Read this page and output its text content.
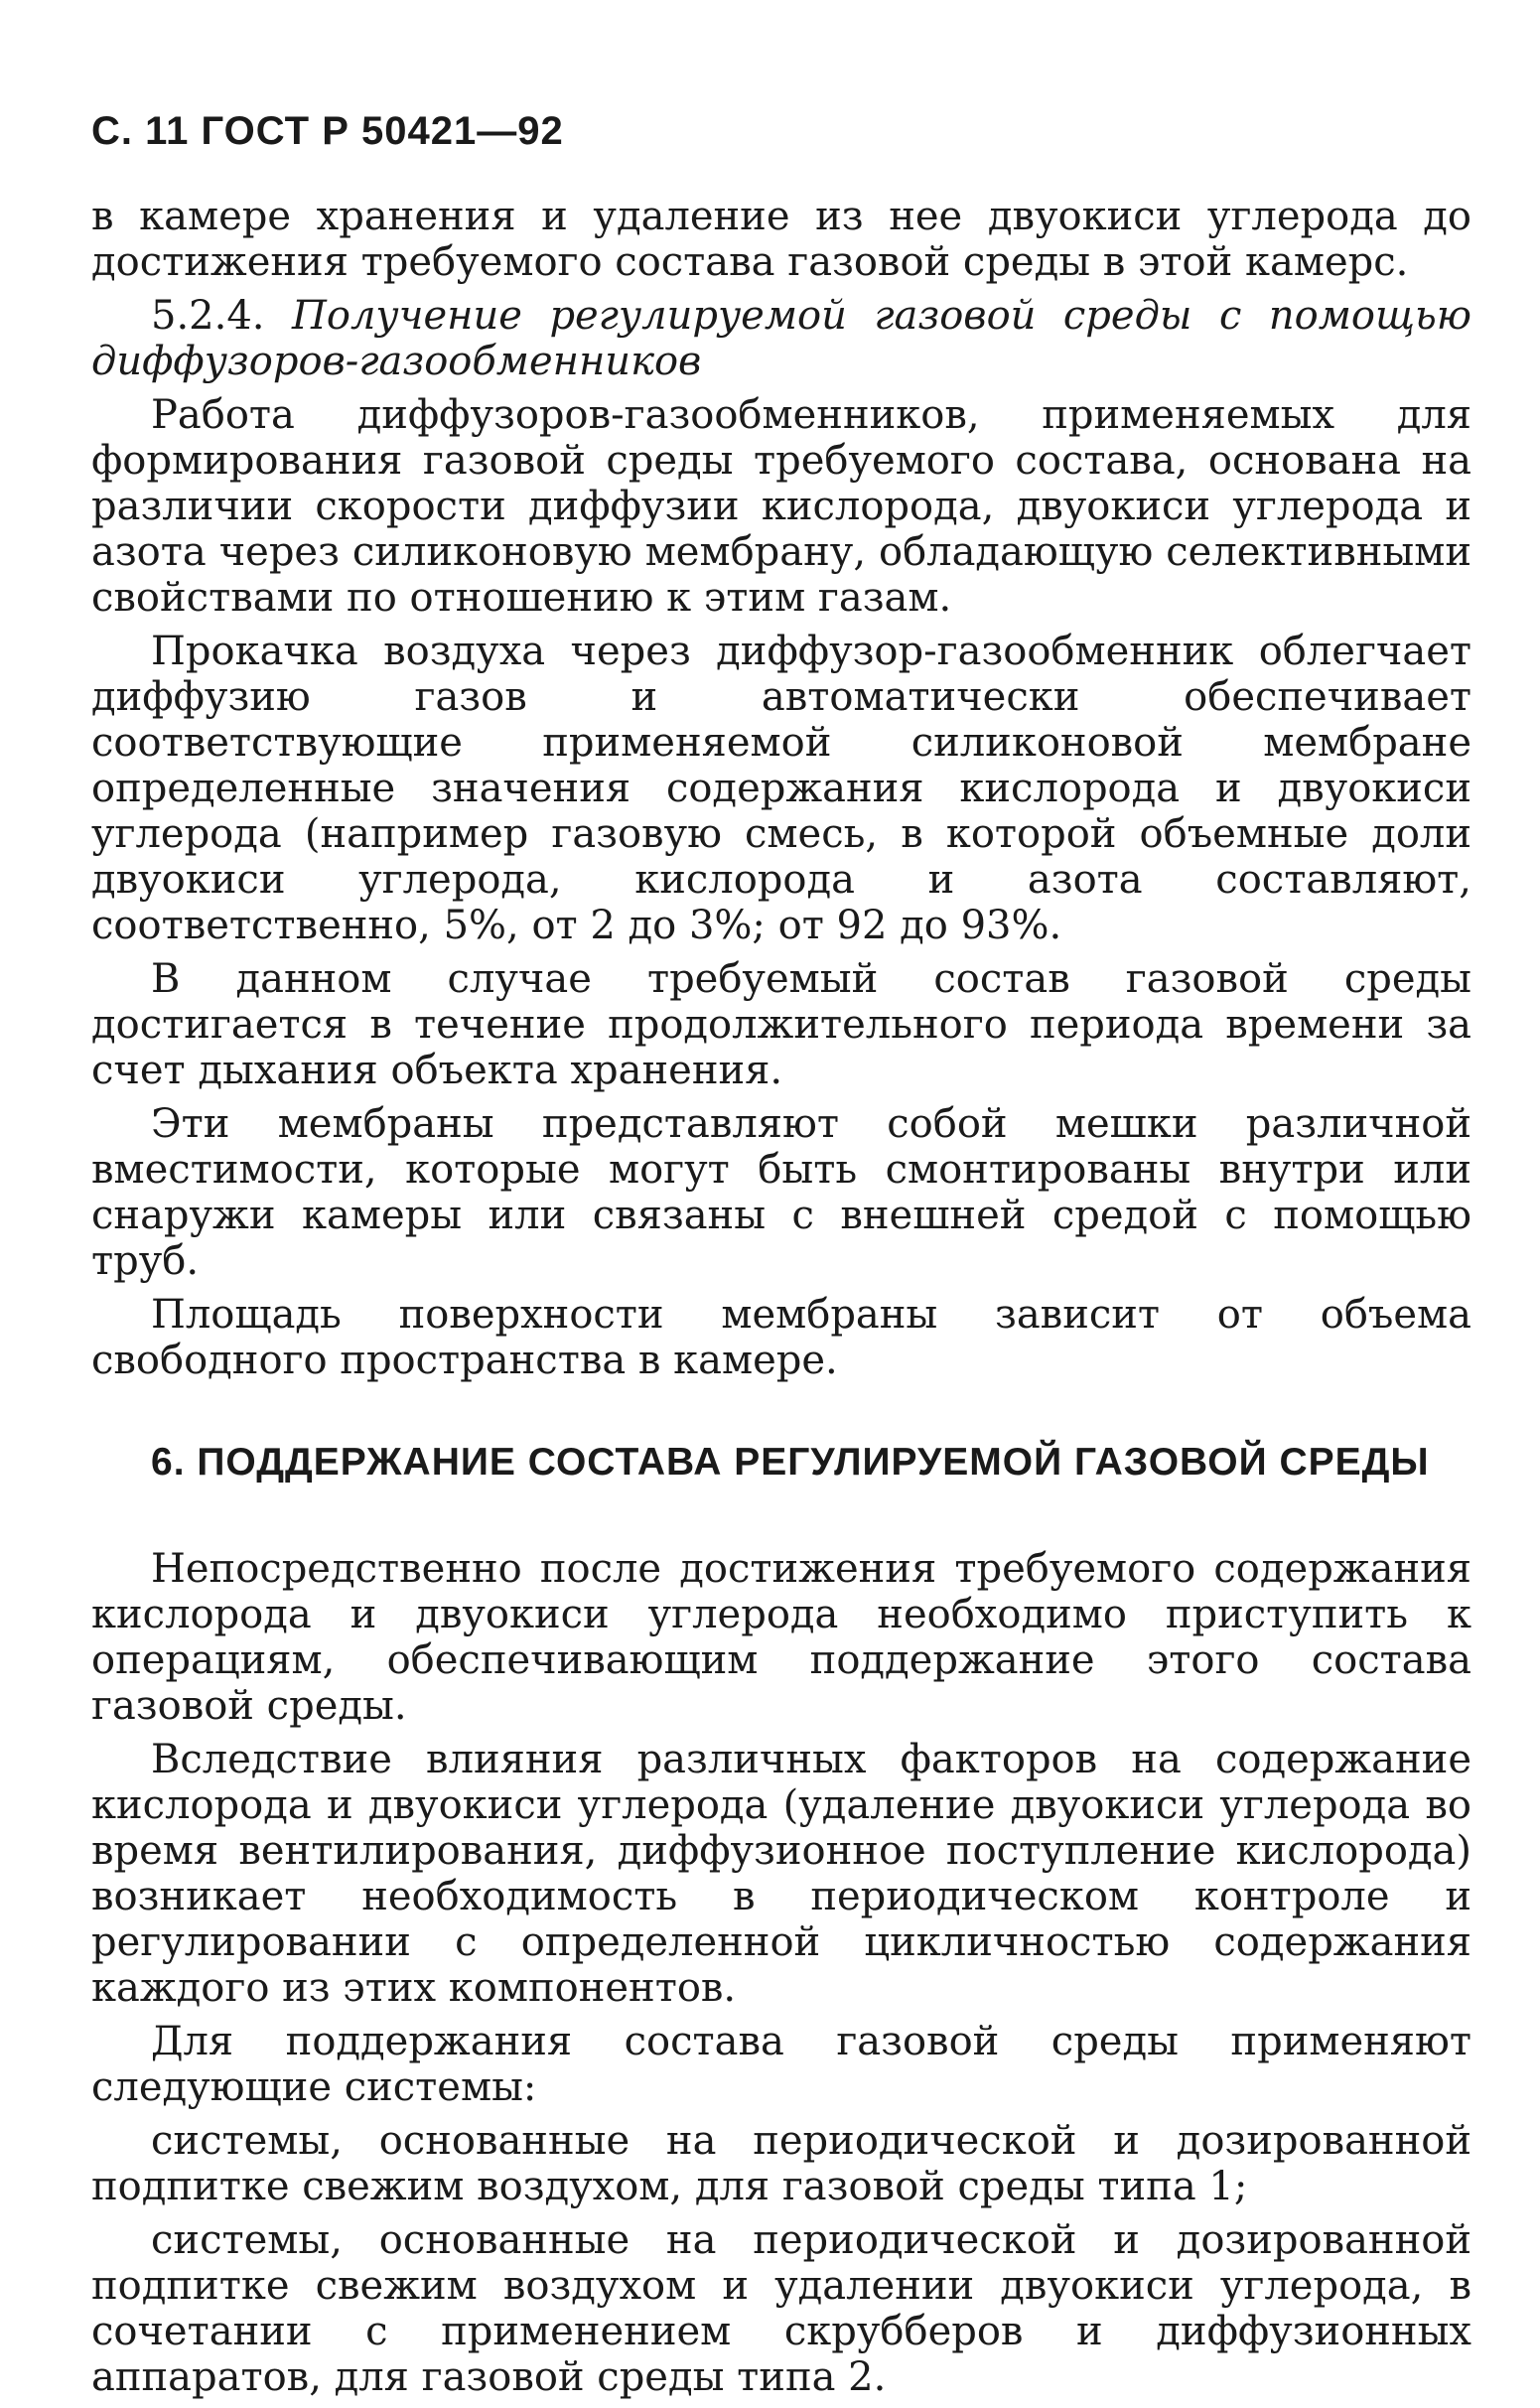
С. 11 ГОСТ Р 50421—92

в камере хранения и удаление из нее двуокиси углерода до достижения требуемого состава газовой среды в этой камерс.

5.2.4. Получение регулируемой газовой среды с помощью диффузоров-газообменников

Работа диффузоров-газообменников, применяемых для формирования газовой среды требуемого состава, основана на различии скорости диффузии кислорода, двуокиси углерода и азота через силиконовую мембрану, обладающую селективными свойствами по отношению к этим газам.

Прокачка воздуха через диффузор-газообменник облегчает диффузию газов и автоматически обеспечивает соответствующие применяемой силиконовой мембране определенные значения содержания кислорода и двуокиси углерода (например газовую смесь, в которой объемные доли двуокиси углерода, кислорода и азота составляют, соответственно, 5%, от 2 до 3%; от 92 до 93%.

В данном случае требуемый состав газовой среды достигается в течение продолжительного периода времени за счет дыхания объекта хранения.

Эти мембраны представляют собой мешки различной вместимости, которые могут быть смонтированы внутри или снаружи камеры или связаны с внешней средой с помощью труб.

Площадь поверхности мембраны зависит от объема свободного пространства в камере.

6. ПОДДЕРЖАНИЕ СОСТАВА РЕГУЛИРУЕМОЙ ГАЗОВОЙ СРЕДЫ

Непосредственно после достижения требуемого содержания кислорода и двуокиси углерода необходимо приступить к операциям, обеспечивающим поддержание этого состава газовой среды.

Вследствие влияния различных факторов на содержание кислорода и двуокиси углерода (удаление двуокиси углерода во время вентилирования, диффузионное поступление кислорода) возникает необходимость в периодическом контроле и регулировании с определенной цикличностью содержания каждого из этих компонентов.

Для поддержания состава газовой среды применяют следующие системы:

системы, основанные на периодической и дозированной подпитке свежим воздухом, для газовой среды типа 1;

системы, основанные на периодической и дозированной подпитке свежим воздухом и удалении двуокиси углерода, в сочетании с применением скрубберов и диффузионных аппаратов, для газовой среды типа 2.
